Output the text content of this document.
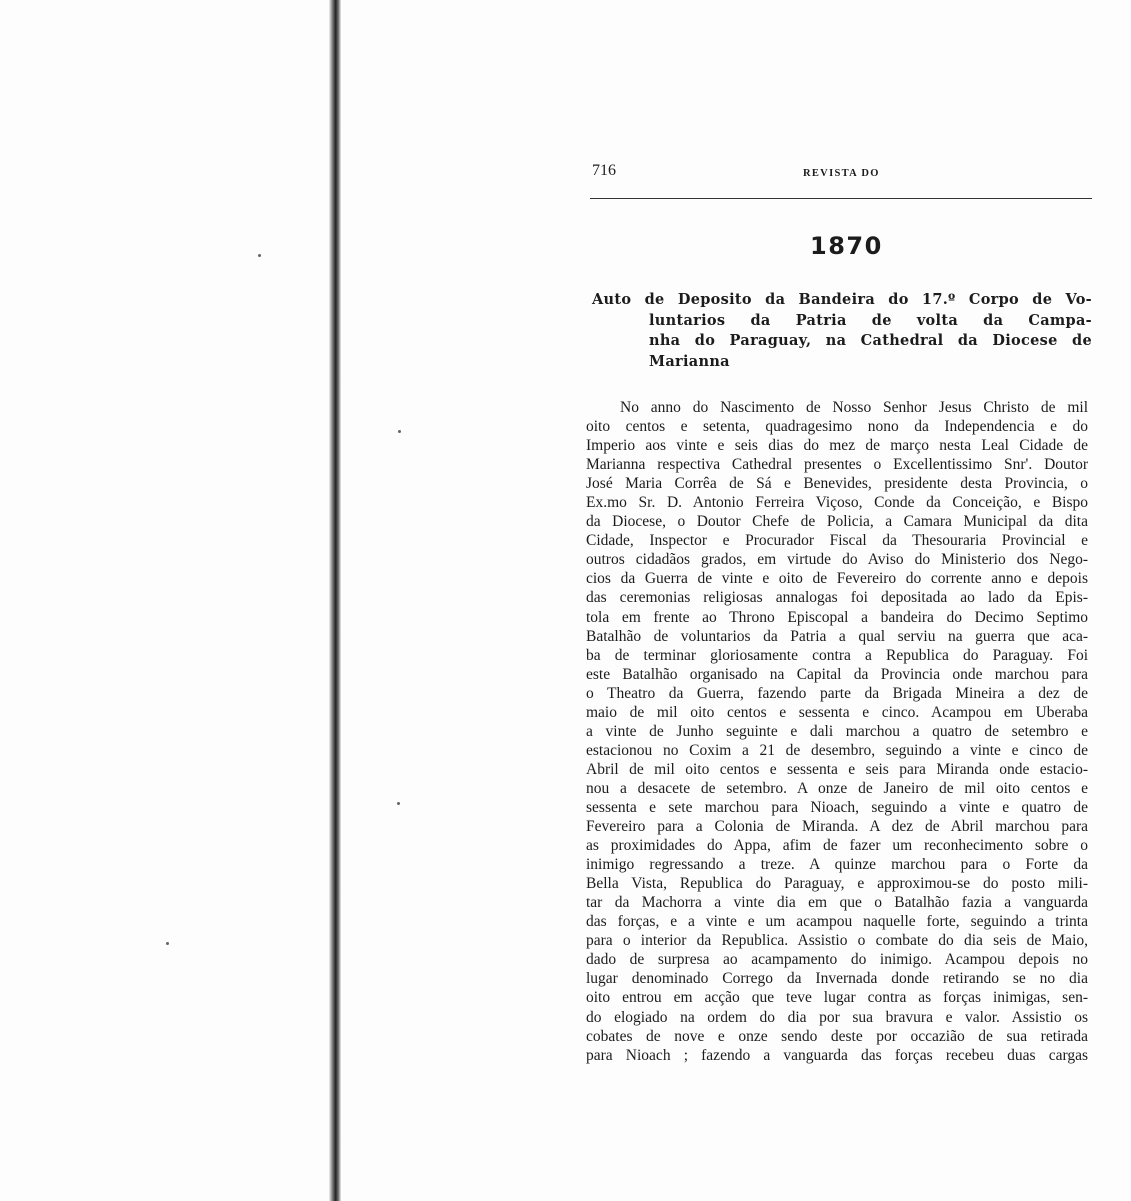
716	REVISTA DO
1870
Auto de Deposito da Bandeira do 17.º Corpo de Vo-
luntarios da Patria de volta da Campa-
nha do Paraguay, na Cathedral da Diocese de
Marianna
No anno do Nascimento de Nosso Senhor Jesus Christo de mil
oito centos e setenta, quadragesimo nono da Independencia e do
Imperio aos vinte e seis dias do mez de março nesta Leal Cidade de
Marianna respectiva Cathedral presentes o Excellentissimo Snr'. Doutor
José Maria Corrêa de Sá e Benevides, presidente desta Provincia, o
Ex.mo Sr. D. Antonio Ferreira Viçoso, Conde da Conceição, e Bispo
da Diocese, o Doutor Chefe de Policia, a Camara Municipal da dita
Cidade, Inspector e Procurador Fiscal da Thesouraria Provincial e
outros cidadãos grados, em virtude do Aviso do Ministerio dos Nego-
cios da Guerra de vinte e oito de Fevereiro do corrente anno e depois
das ceremonias religiosas annalogas foi depositada ao lado da Epis-
tola em frente ao Throno Episcopal a bandeira do Decimo Septimo
Batalhão de voluntarios da Patria a qual serviu na guerra que aca-
ba de terminar gloriosamente contra a Republica do Paraguay. Foi
este Batalhão organisado na Capital da Provincia onde marchou para
o Theatro da Guerra, fazendo parte da Brigada Mineira a dez de
maio de mil oito centos e sessenta e cinco. Acampou em Uberaba
a vinte de Junho seguinte e dali marchou a quatro de setembro e
estacionou no Coxim a 21 de desembro, seguindo a vinte e cinco de
Abril de mil oito centos e sessenta e seis para Miranda onde estacio-
nou a desacete de setembro. A onze de Janeiro de mil oito centos e
sessenta e sete marchou para Nioach, seguindo a vinte e quatro de
Fevereiro para a Colonia de Miranda. A dez de Abril marchou para
as proximidades do Appa, afim de fazer um reconhecimento sobre o
inimigo regressando a treze. A quinze marchou para o Forte da
Bella Vista, Republica do Paraguay, e approximou-se do posto mili-
tar da Machorra a vinte dia em que o Batalhão fazia a vanguarda
das forças, e a vinte e um acampou naquelle forte, seguindo a trinta
para o interior da Republica. Assistio o combate do dia seis de Maio,
dado de surpresa ao acampamento do inimigo. Acampou depois no
lugar denominado Corrego da Invernada donde retirando se no dia
oito entrou em acção que teve lugar contra as forças inimigas, sen-
do elogiado na ordem do dia por sua bravura e valor. Assistio os
cobates de nove e onze sendo deste por occazião de sua retirada
para Nioach ; fazendo a vanguarda das forças recebeu duas cargas
